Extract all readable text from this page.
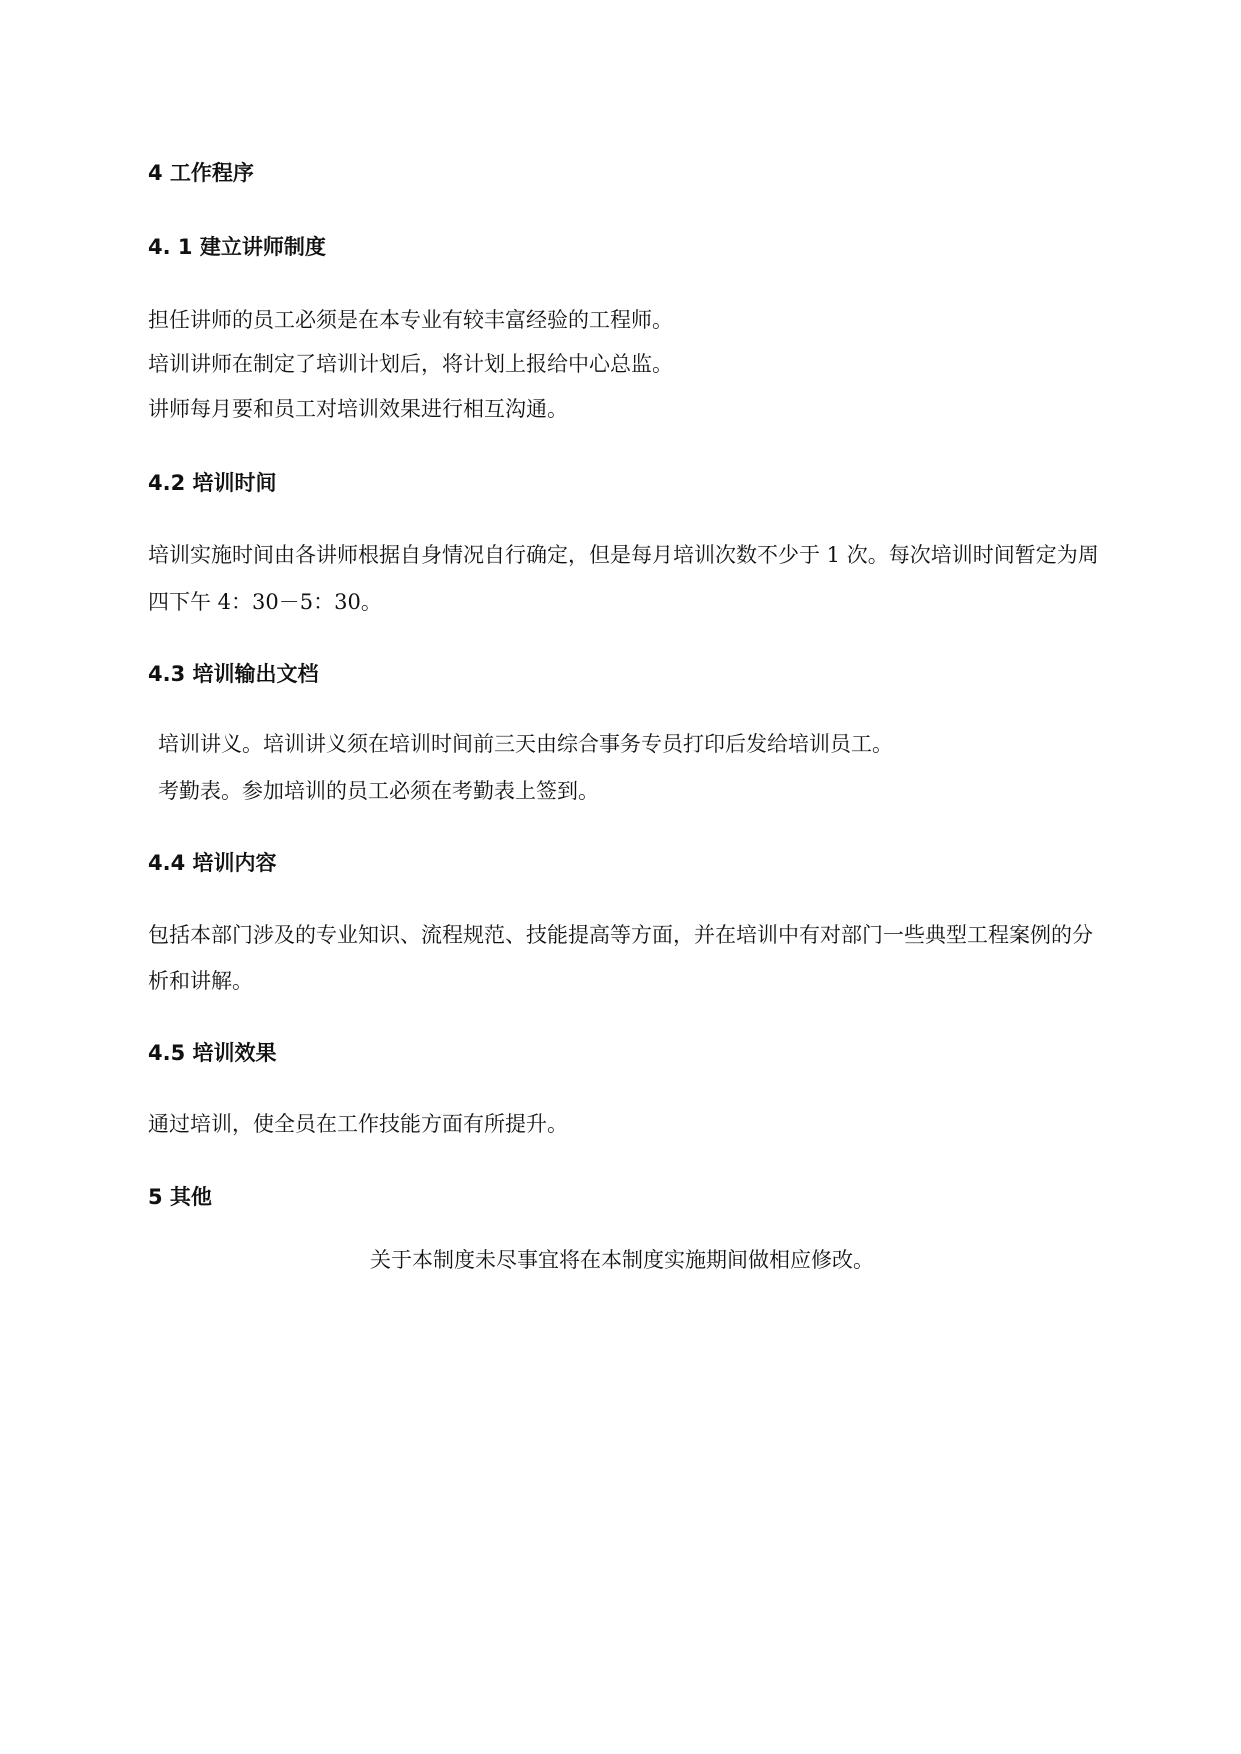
4 工作程序
4. 1 建立讲师制度
担任讲师的员工必须是在本专业有较丰富经验的工程师。
培训讲师在制定了培训计划后，将计划上报给中心总监。
讲师每月要和员工对培训效果进行相互沟通。
4.2 培训时间
培训实施时间由各讲师根据自身情况自行确定，但是每月培训次数不少于 1 次。每次培训时间暂定为周
四下午 4：30－5：30。
4.3 培训输出文档
培训讲义。培训讲义须在培训时间前三天由综合事务专员打印后发给培训员工。
考勤表。参加培训的员工必须在考勤表上签到。
4.4 培训内容
包括本部门涉及的专业知识、流程规范、技能提高等方面，并在培训中有对部门一些典型工程案例的分
析和讲解。
4.5 培训效果
通过培训，使全员在工作技能方面有所提升。
5 其他
关于本制度未尽事宜将在本制度实施期间做相应修改。
